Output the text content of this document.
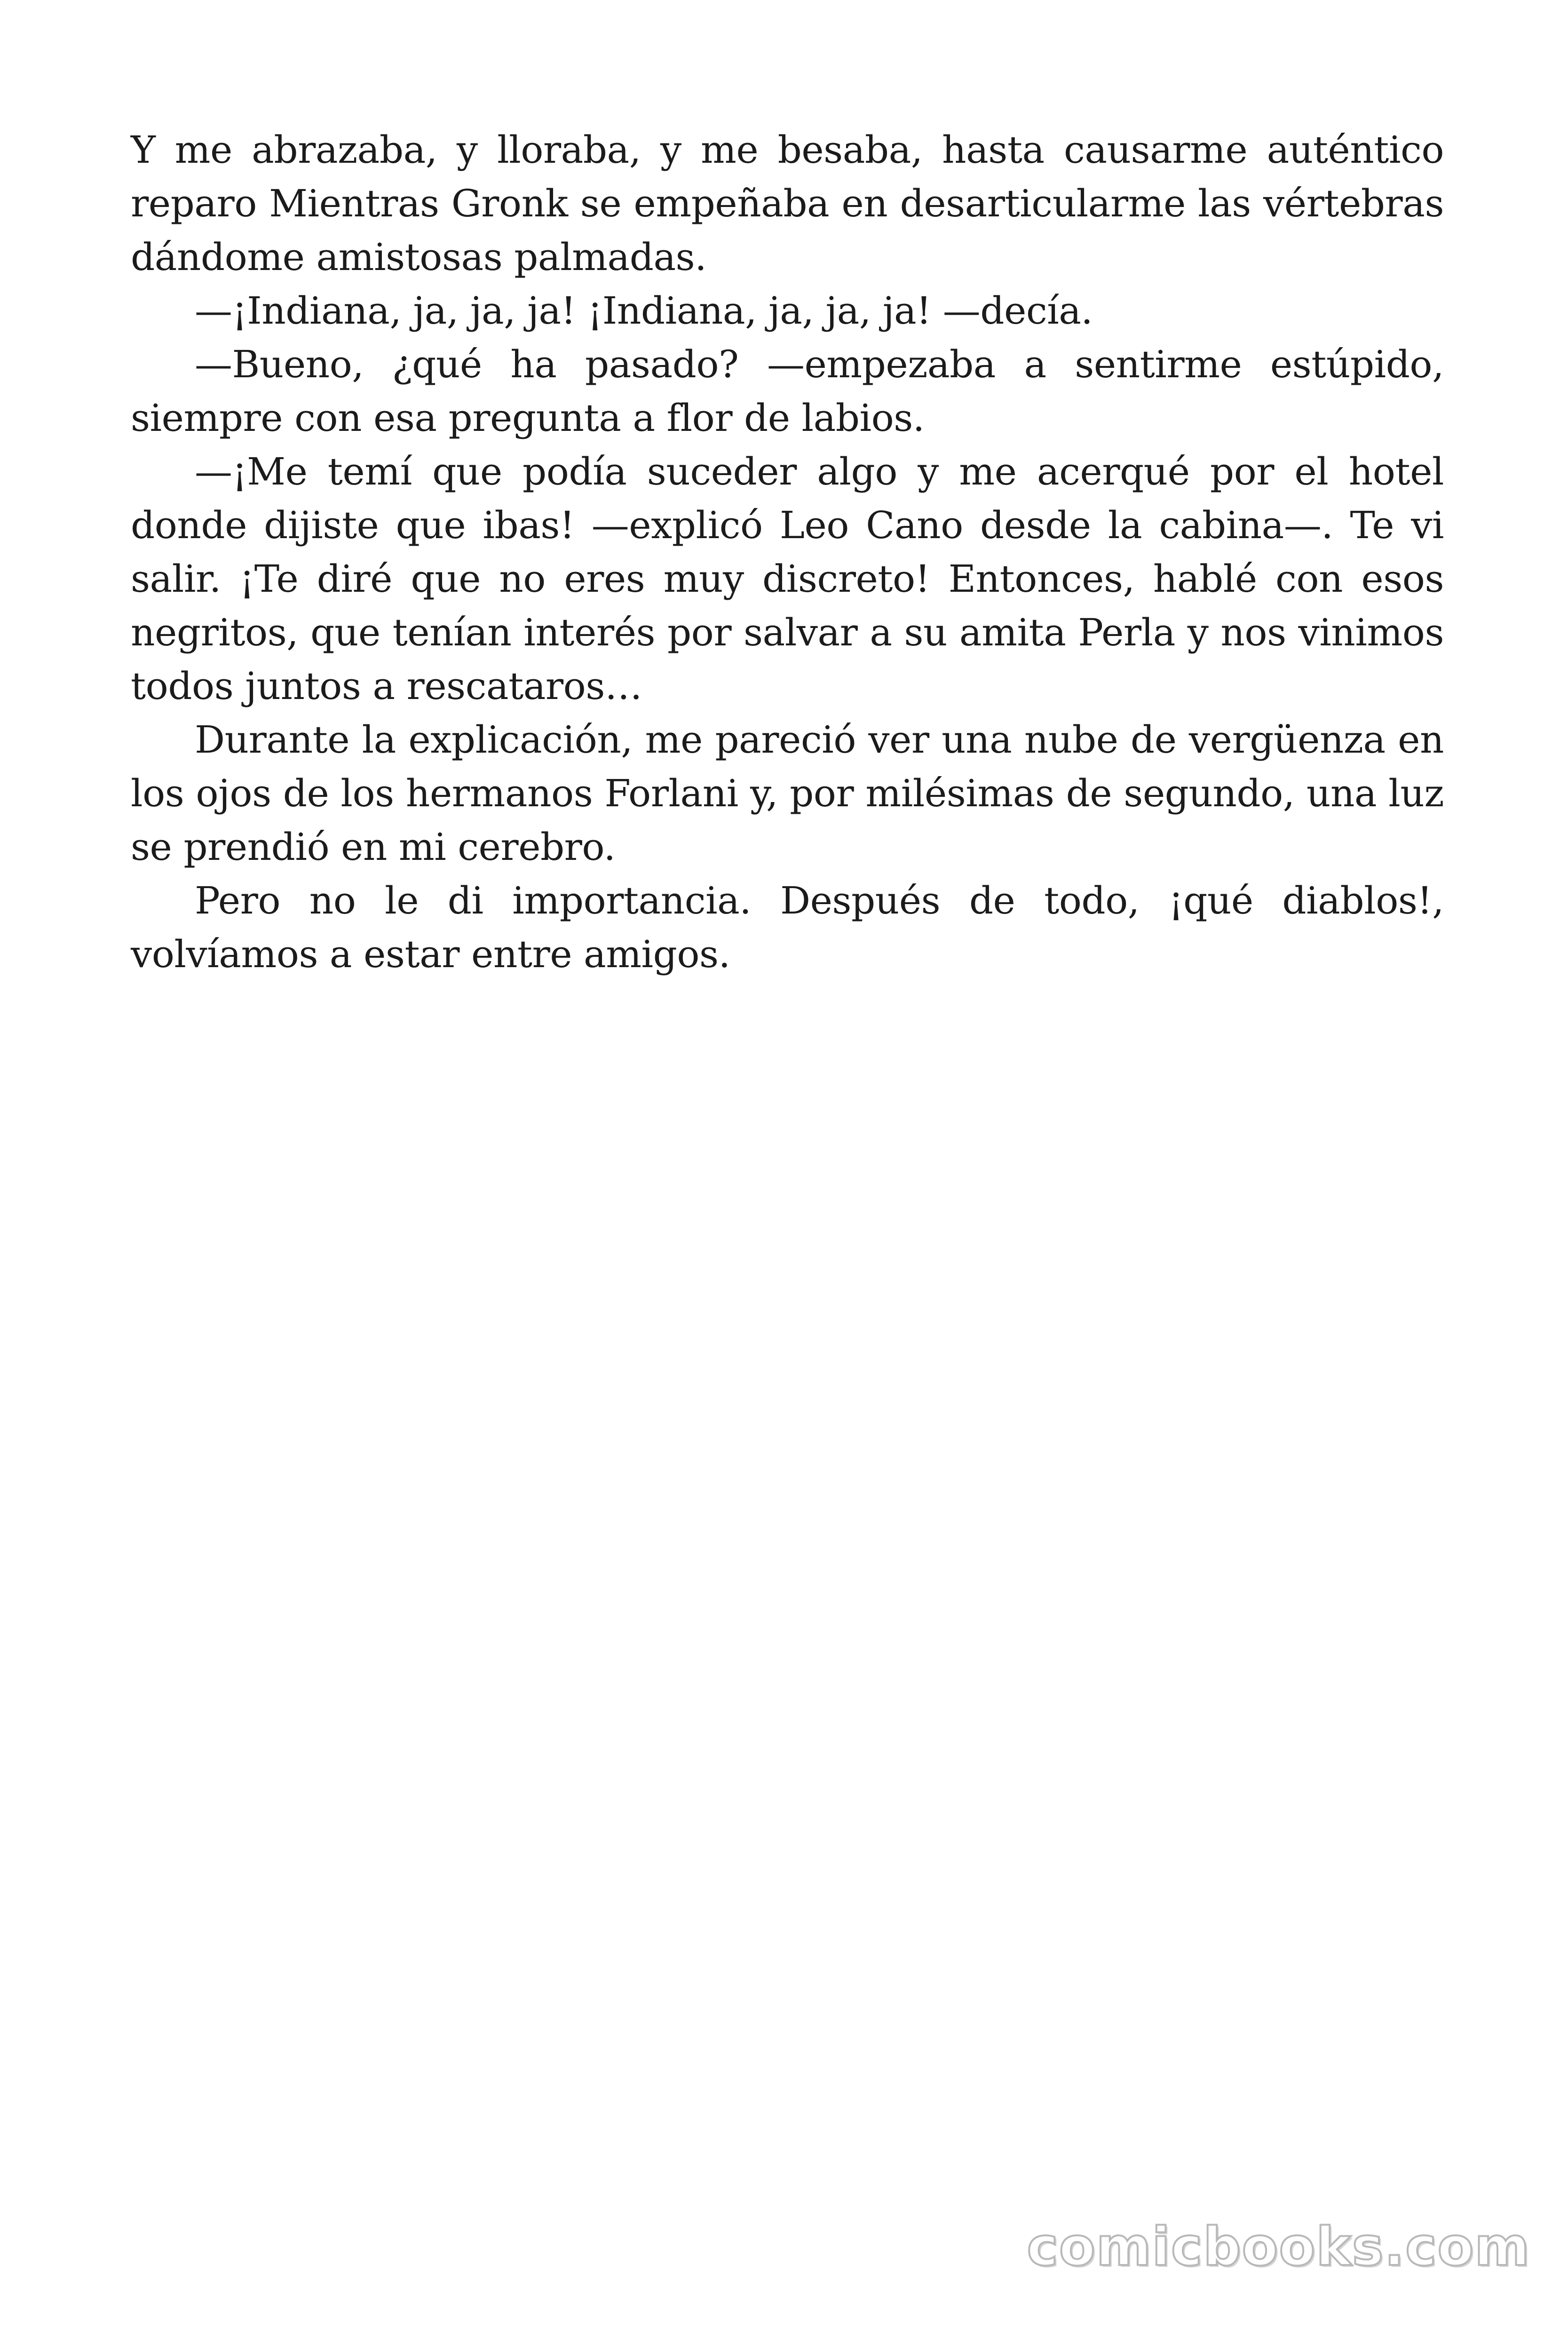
Y me abrazaba, y lloraba, y me besaba, hasta causarme auténtico reparo Mientras Gronk se empeñaba en desarticularme las vértebras dándome amistosas palmadas.

—¡Indiana, ja, ja, ja! ¡Indiana, ja, ja, ja! —decía.

—Bueno, ¿qué ha pasado? —empezaba a sentirme estúpido, siempre con esa pregunta a flor de labios.

—¡Me temí que podía suceder algo y me acerqué por el hotel donde dijiste que ibas! —explicó Leo Cano desde la cabina—. Te vi salir. ¡Te diré que no eres muy discreto! Entonces, hablé con esos negritos, que tenían interés por salvar a su amita Perla y nos vinimos todos juntos a rescataros…

Durante la explicación, me pareció ver una nube de vergüenza en los ojos de los hermanos Forlani y, por milésimas de segundo, una luz se prendió en mi cerebro.

Pero no le di importancia. Después de todo, ¡qué diablos!, volvíamos a estar entre amigos.

comicbooks.com
